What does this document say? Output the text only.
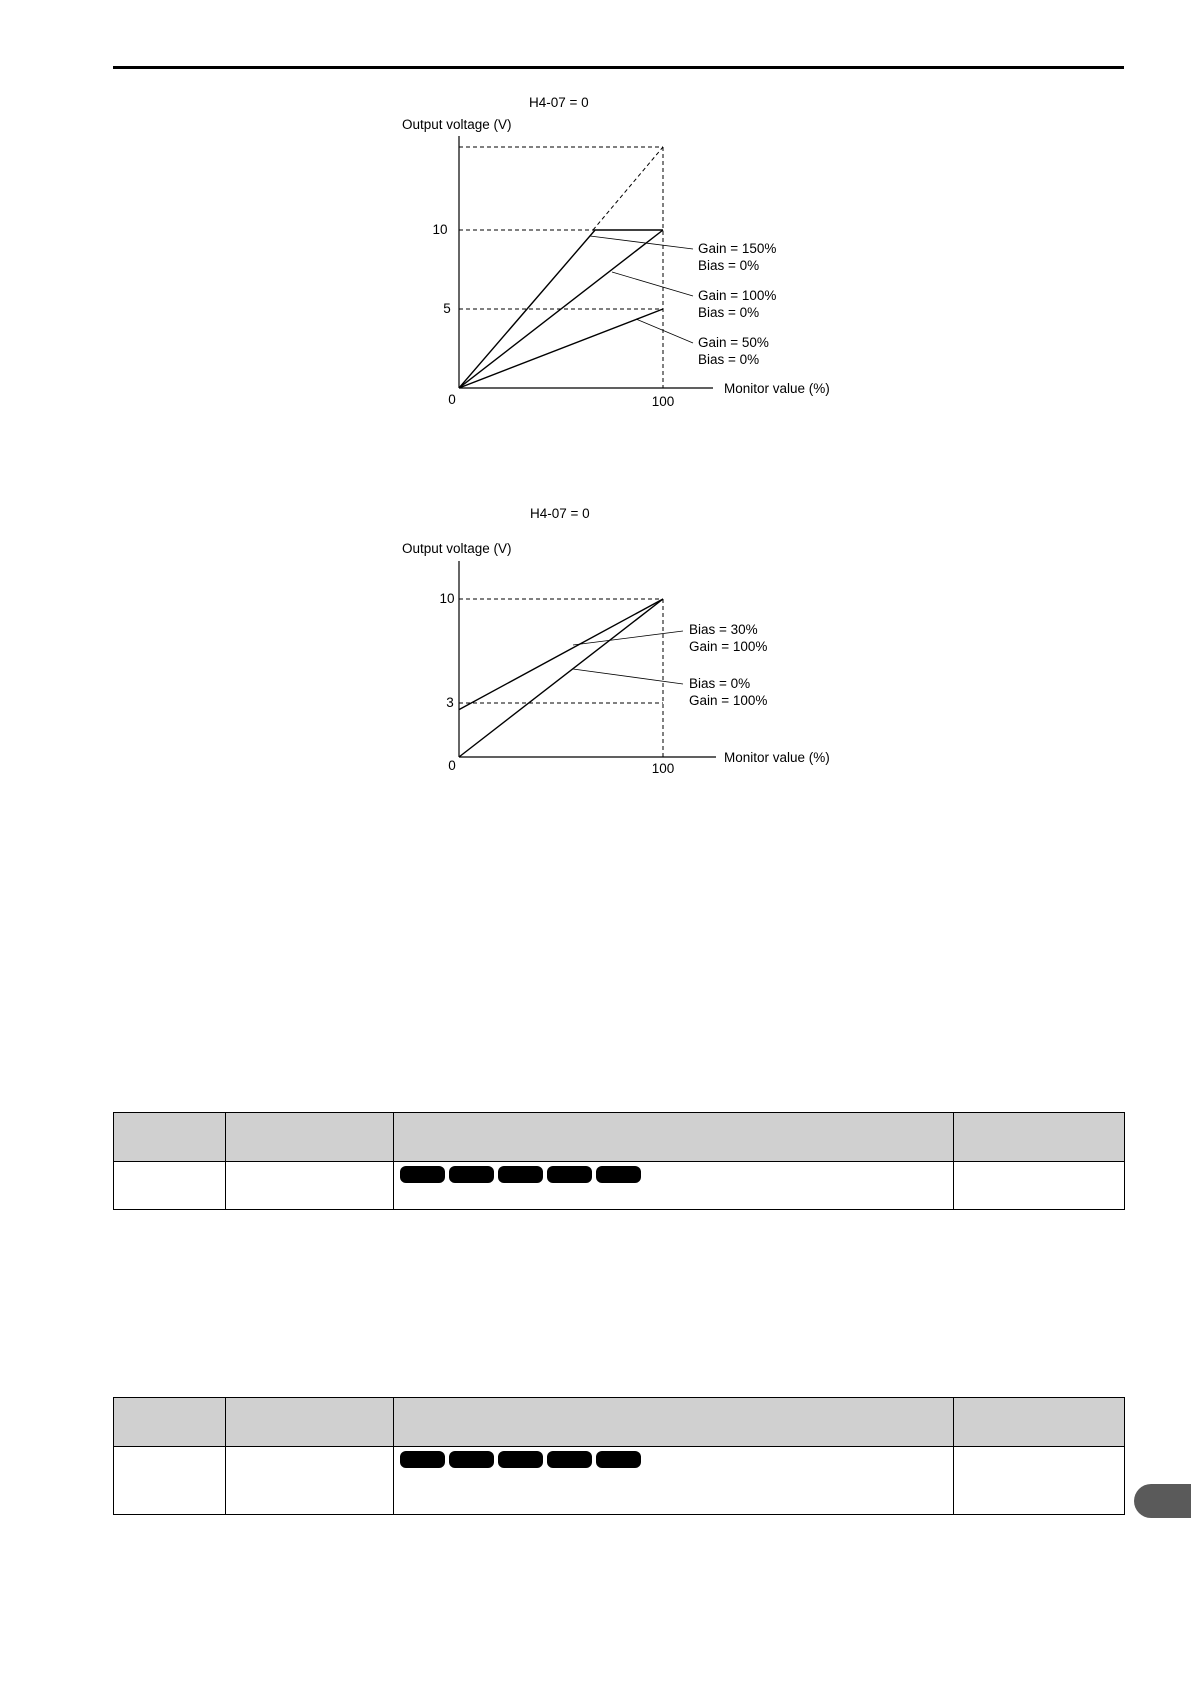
H4-07 = 0
Output voltage (V)
10
5
0	100
Monitor value (%)
Gain = 150%
Bias = 0%
Gain = 100%
Bias = 0%
Gain = 50%
Bias = 0%
H4-07 = 0
Output voltage (V)
10
3
0	100
Monitor value (%)
Bias = 30%
Gain = 100%
Bias = 0%
Gain = 100%
